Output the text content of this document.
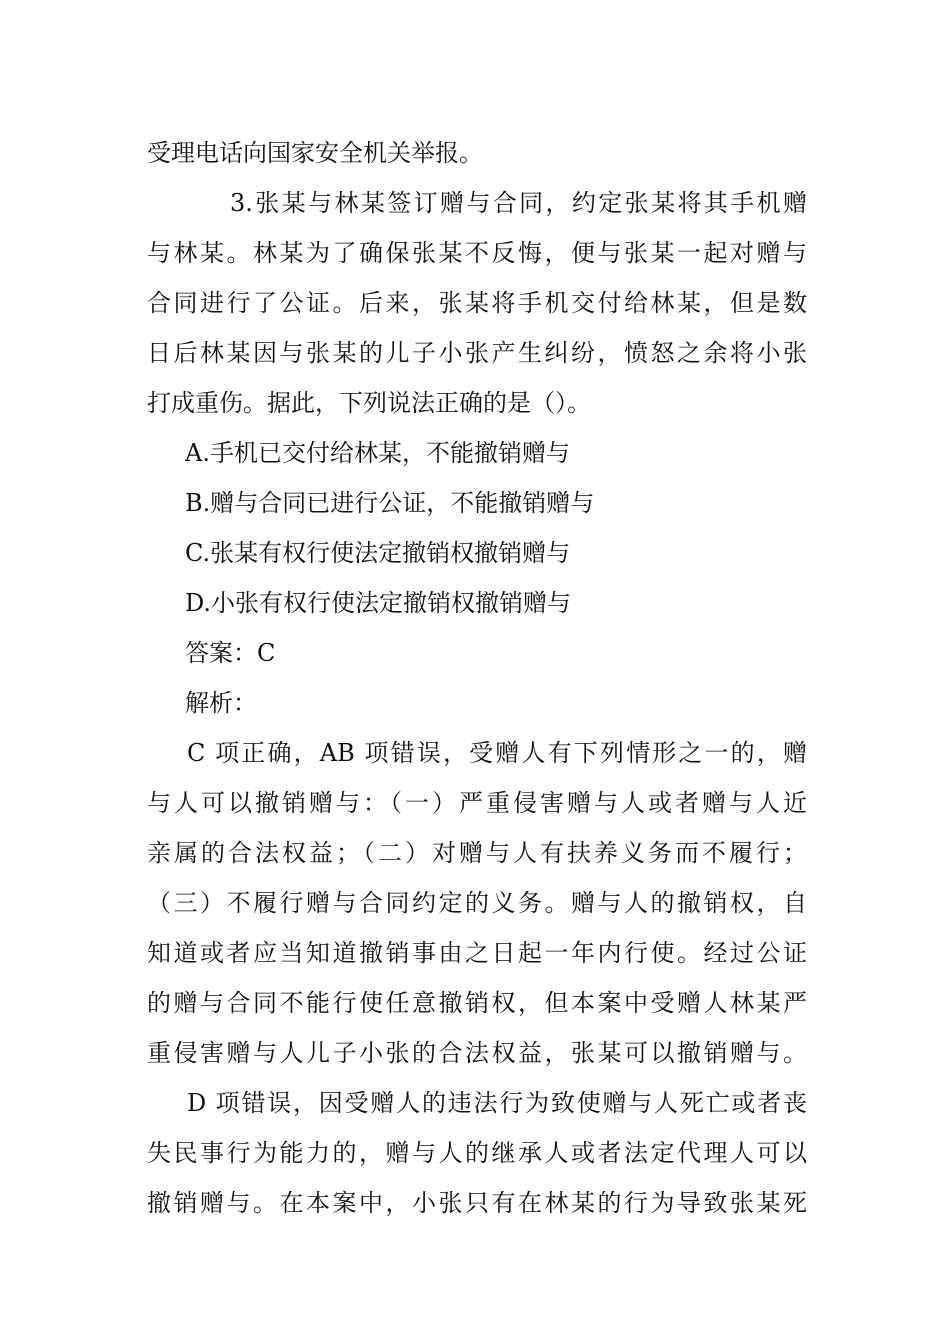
受理电话向国家安全机关举报。
3.张某与林某签订赠与合同，约定张某将其手机赠
与林某。林某为了确保张某不反悔，便与张某一起对赠与
合同进行了公证。后来，张某将手机交付给林某，但是数
日后林某因与张某的儿子小张产生纠纷，愤怒之余将小张
打成重伤。据此，下列说法正确的是（）。
A.手机已交付给林某，不能撤销赠与
B.赠与合同已进行公证，不能撤销赠与
C.张某有权行使法定撤销权撤销赠与
D.小张有权行使法定撤销权撤销赠与
答案：C
解析：
C 项正确，AB 项错误，受赠人有下列情形之一的，赠
与人可以撤销赠与：（一）严重侵害赠与人或者赠与人近
亲属的合法权益；（二）对赠与人有扶养义务而不履行；
（三）不履行赠与合同约定的义务。赠与人的撤销权，自
知道或者应当知道撤销事由之日起一年内行使。经过公证
的赠与合同不能行使任意撤销权，但本案中受赠人林某严
重侵害赠与人儿子小张的合法权益，张某可以撤销赠与。
D 项错误，因受赠人的违法行为致使赠与人死亡或者丧
失民事行为能力的，赠与人的继承人或者法定代理人可以
撤销赠与。在本案中，小张只有在林某的行为导致张某死
